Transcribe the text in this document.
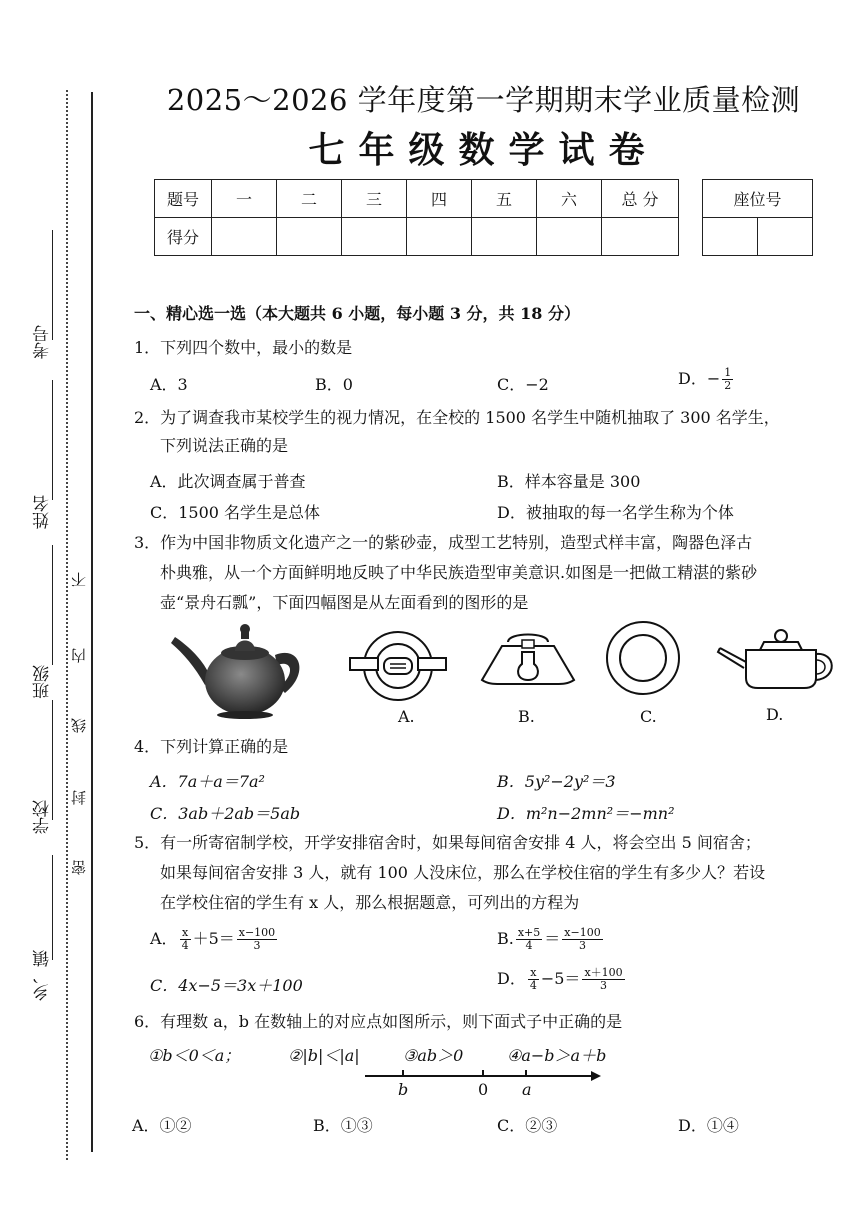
考号
姓名
班级
学校
乡、镇
密
封
线
内
不
2025～2026 学年度第一学期期末学业质量检测
七年级数学试卷
题号	一	二	三	四	五	六	总 分
得分							
座位号

一、精心选一选（本大题共 6 小题，每小题 3 分，共 18 分）
1．下列四个数中，最小的数是
A．3	B．0	C．−2	D．− $\frac{1}{2}$
2．为了调查我市某校学生的视力情况，在全校的 1500 名学生中随机抽取了 300 名学生，
下列说法正确的是
A．此次调查属于普查	B．样本容量是 300
C．1500 名学生是总体	D．被抽取的每一名学生称为个体
3．作为中国非物质文化遗产之一的紫砂壶，成型工艺特别，造型式样丰富，陶器色泽古
朴典雅，从一个方面鲜明地反映了中华民族造型审美意识.如图是一把做工精湛的紫砂
壶“景舟石瓢”，下面四幅图是从左面看到的图形的是
A.	B.	C.	D.
4．下列计算正确的是
A．7a＋a＝7a²	B．5y²−2y²＝3
C．3ab＋2ab＝5ab	D．m²n−2mn²＝−mn²
5．有一所寄宿制学校，开学安排宿舍时，如果每间宿舍安排 4 人，将会空出 5 间宿舍；
如果每间宿舍安排 3 人，就有 100 人没床位，那么在学校住宿的学生有多少人？若设
在学校住宿的学生有 x 人，那么根据题意，可列出的方程为
A． $\frac{x}{4} +5= \frac{x-100}{3}$	B. $\frac{x+5}{4} = \frac{x-100}{3}$
C．4x−5＝3x＋100	D． $\frac{x}{4} -5= \frac{x+100}{3}$
6．有理数 a，b 在数轴上的对应点如图所示，则下面式子中正确的是
①b＜0＜a；	②|b|＜|a|	③ab＞0	④a−b＞a＋b
b	0 a
A．①②	B．①③	C．②③	D．①④
